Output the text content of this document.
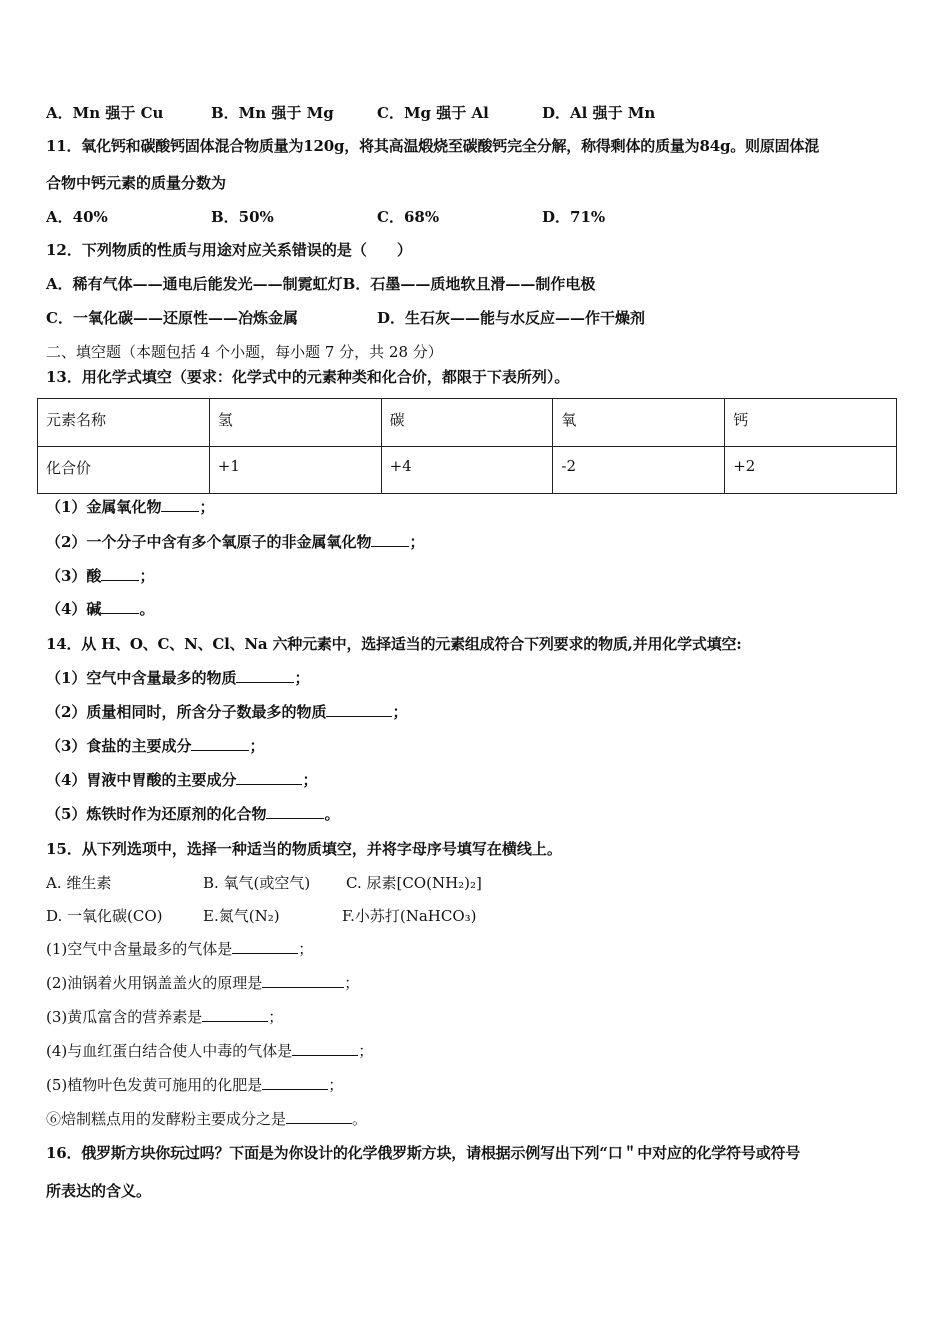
A．Mn 强于 Cu	B．Mn 强于 Mg	C．Mg 强于 Al	D．Al 强于 Mn
11．氧化钙和碳酸钙固体混合物质量为120g，将其高温煅烧至碳酸钙完全分解，称得剩体的质量为84g。则原固体混
合物中钙元素的质量分数为
A．40%	B．50%	C．68%	D．71%
12．下列物质的性质与用途对应关系错误的是（　　）
A．稀有气体——通电后能发光——制霓虹灯B．石墨——质地软且滑——制作电极
C．一氧化碳——还原性——冶炼金属	D．生石灰——能与水反应——作干燥剂
二、填空题（本题包括 4 个小题，每小题 7 分，共 28 分）
13．用化学式填空（要求：化学式中的元素种类和化合价，都限于下表所列）。
元素名称	氢	碳	氧	钙
化合价	+1	+4	-2	+2
（1）金属氧化物	；
（2）一个分子中含有多个氧原子的非金属氧化物	；
（3）酸	；
（4）碱	。
14．从 H、O、C、N、Cl、Na 六种元素中，选择适当的元素组成符合下列要求的物质,并用化学式填空:
（1）空气中含量最多的物质	；
（2）质量相同时，所含分子数最多的物质	；
（3）食盐的主要成分	；
（4）胃液中胃酸的主要成分	；
（5）炼铁时作为还原剂的化合物	。
15．从下列选项中，选择一种适当的物质填空，并将字母序号填写在横线上。
A. 维生素	B. 氧气(或空气) C. 尿素[CO(NH₂)₂]
D. 一氧化碳(CO)	E.氮气(N₂)	F.小苏打(NaHCO₃)
(1)空气中含量最多的气体是	；
(2)油锅着火用锅盖盖火的原理是	；
(3)黄瓜富含的营养素是	；
(4)与血红蛋白结合使人中毒的气体是	；
(5)植物叶色发黄可施用的化肥是	；
⑥焙制糕点用的发酵粉主要成分之是	。
16．俄罗斯方块你玩过吗？下面是为你设计的化学俄罗斯方块，请根据示例写出下列“口＂中对应的化学符号或符号
所表达的含义。
